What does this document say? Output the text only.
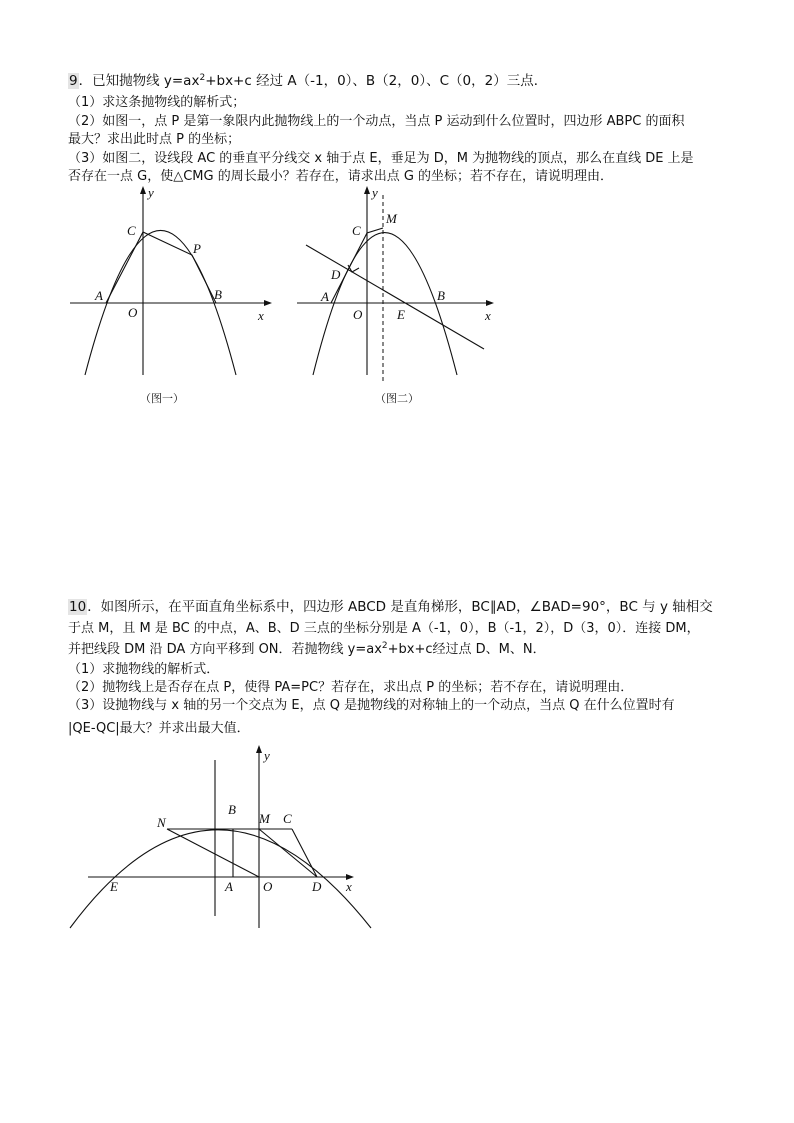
9．已知抛物线 $y=ax^2+bx+c$ 经过 A（-1，0）、B（2，0）、C（0，2）三点．
（1）求这条抛物线的解析式；
（2）如图一，点 P 是第一象限内此抛物线上的一个动点，当点 P 运动到什么位置时，四边形 ABPC 的面积
最大？求出此时点 P 的坐标；
（3）如图二，设线段 AC 的垂直平分线交 x 轴于点 E，垂足为 D，M 为抛物线的顶点，那么在直线 DE 上是
否存在一点 G，使△CMG 的周长最小？若存在，请求出点 G 的坐标；若不存在，请说明理由．
y
x
C
P
A	B
O
（图一）
y
x
M
C
D
A
O	E
B
（图二）
10．如图所示，在平面直角坐标系中，四边形 ABCD 是直角梯形，BC∥AD，∠BAD=90°，BC 与 y 轴相交
于点 M，且 M 是 BC 的中点，A、B、D 三点的坐标分别是 A（-1，0），B（-1，2），D（3，0）．连接 DM，
并把线段 DM 沿 DA 方向平移到 ON．若抛物线 $y=ax^2+bx+c$经过点 D、M、N．
（1）求抛物线的解析式．
（2）抛物线上是否存在点 P，使得 PA=PC？若存在，求出点 P 的坐标；若不存在，请说明理由．
（3）设抛物线与 x 轴的另一个交点为 E，点 Q 是抛物线的对称轴上的一个动点，当点 Q 在什么位置时有
|QE-QC|最大？并求出最大值．
y
x
B
M C
N
E	A O	D
